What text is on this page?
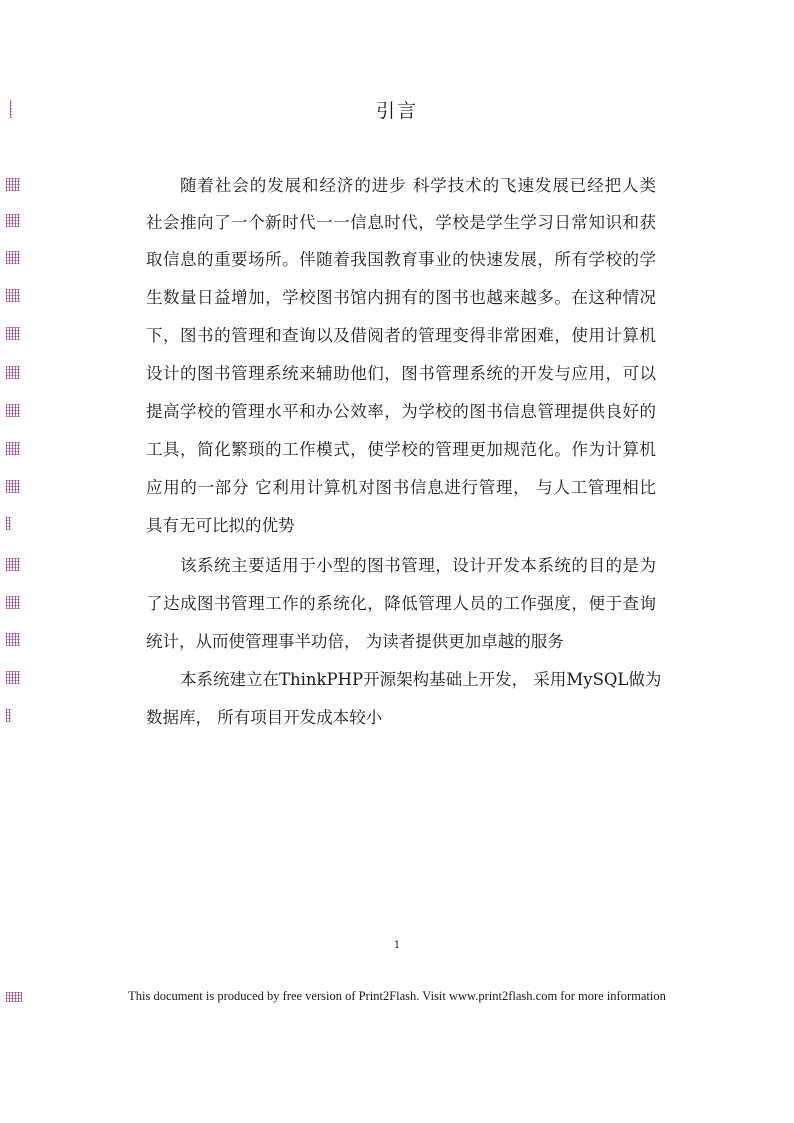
引言
随着社会的发展和经济的进步 科学技术的飞速发展已经把人类
社会推向了一个新时代一一信息时代，学校是学生学习日常知识和获
取信息的重要场所。伴随着我国教育事业的快速发展，所有学校的学
生数量日益增加，学校图书馆内拥有的图书也越来越多。在这种情况
下，图书的管理和查询以及借阅者的管理变得非常困难，使用计算机
设计的图书管理系统来辅助他们，图书管理系统的开发与应用，可以
提高学校的管理水平和办公效率，为学校的图书信息管理提供良好的
工具，简化繁琐的工作模式，使学校的管理更加规范化。作为计算机
应用的一部分 它利用计算机对图书信息进行管理， 与人工管理相比
具有无可比拟的优势
该系统主要适用于小型的图书管理，设计开发本系统的目的是为
了达成图书管理工作的系统化，降低管理人员的工作强度，便于查询
统计，从而使管理事半功倍， 为读者提供更加卓越的服务
本系统建立在ThinkPHP开源架构基础上开发， 采用MySQL做为
数据库， 所有项目开发成本较小
1
This document is produced by free version of Print2Flash. Visit www.print2flash.com for more information
